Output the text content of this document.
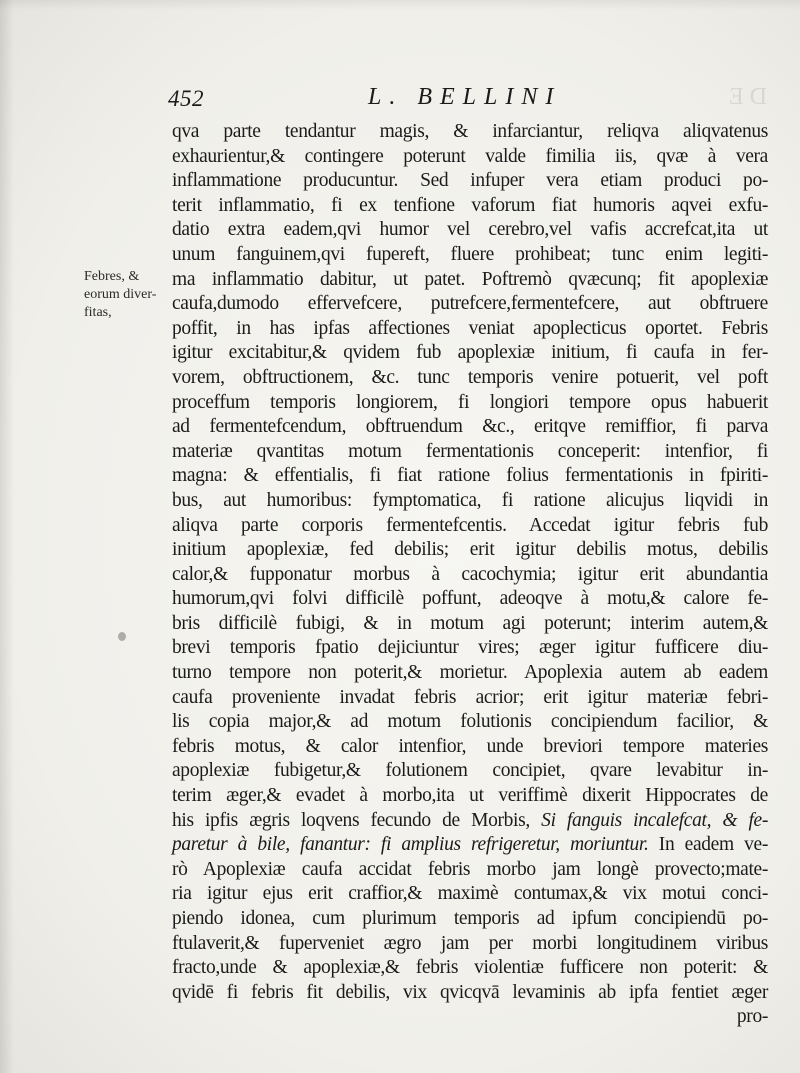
452	L. BELLINI	DE
Febres, &
eorum diver-
fitas,
qva parte tendantur magis, & infarciantur, reliqva aliqvatenus
exhaurientur,& contingere poterunt valde fimilia iis, qvæ à vera
inflammatione producuntur. Sed infuper vera etiam produci po-
terit inflammatio, fi ex tenfione vaforum fiat humoris aqvei exfu-
datio extra eadem,qvi humor vel cerebro,vel vafis accrefcat,ita ut
unum fanguinem,qvi fupereft, fluere prohibeat; tunc enim legiti-
ma inflammatio dabitur, ut patet. Poftremò qvæcunq; fit apoplexiæ
caufa,dumodo effervefcere, putrefcere,fermentefcere, aut obftruere
poffit, in has ipfas affectiones veniat apoplecticus oportet. Febris
igitur excitabitur,& qvidem fub apoplexiæ initium, fi caufa in fer-
vorem, obftructionem, &c. tunc temporis venire potuerit, vel poft
proceffum temporis longiorem, fi longiori tempore opus habuerit
ad fermentefcendum, obftruendum &c., eritqve remiffior, fi parva
materiæ qvantitas motum fermentationis conceperit: intenfior, fi
magna: & effentialis, fi fiat ratione folius fermentationis in fpiriti-
bus, aut humoribus: fymptomatica, fi ratione alicujus liqvidi in
aliqva parte corporis fermentefcentis. Accedat igitur febris fub
initium apoplexiæ, fed debilis; erit igitur debilis motus, debilis
calor,& fupponatur morbus à cacochymia; igitur erit abundantia
humorum,qvi folvi difficilè poffunt, adeoqve à motu,& calore fe-
bris difficilè fubigi, & in motum agi poterunt; interim autem,&
brevi temporis fpatio dejiciuntur vires; æger igitur fufficere diu-
turno tempore non poterit,& morietur. Apoplexia autem ab eadem
caufa proveniente invadat febris acrior; erit igitur materiæ febri-
lis copia major,& ad motum folutionis concipiendum facilior, &
febris motus, & calor intenfior, unde breviori tempore materies
apoplexiæ fubigetur,& folutionem concipiet, qvare levabitur in-
terim æger,& evadet à morbo,ita ut veriffimè dixerit Hippocrates de
his ipfis ægris loqvens fecundo de Morbis, Si fanguis incalefcat, & fe-
paretur à bile, fanantur: fi amplius refrigeretur, moriuntur. In eadem ve-
rò Apoplexiæ caufa accidat febris morbo jam longè provecto;mate-
ria igitur ejus erit craffior,& maximè contumax,& vix motui conci-
piendo idonea, cum plurimum temporis ad ipfum concipiendū po-
ftulaverit,& fuperveniet ægro jam per morbi longitudinem viribus
fracto,unde & apoplexiæ,& febris violentiæ fufficere non poterit: &
qvidē fi febris fit debilis, vix qvicqvā levaminis ab ipfa fentiet æger
pro-
